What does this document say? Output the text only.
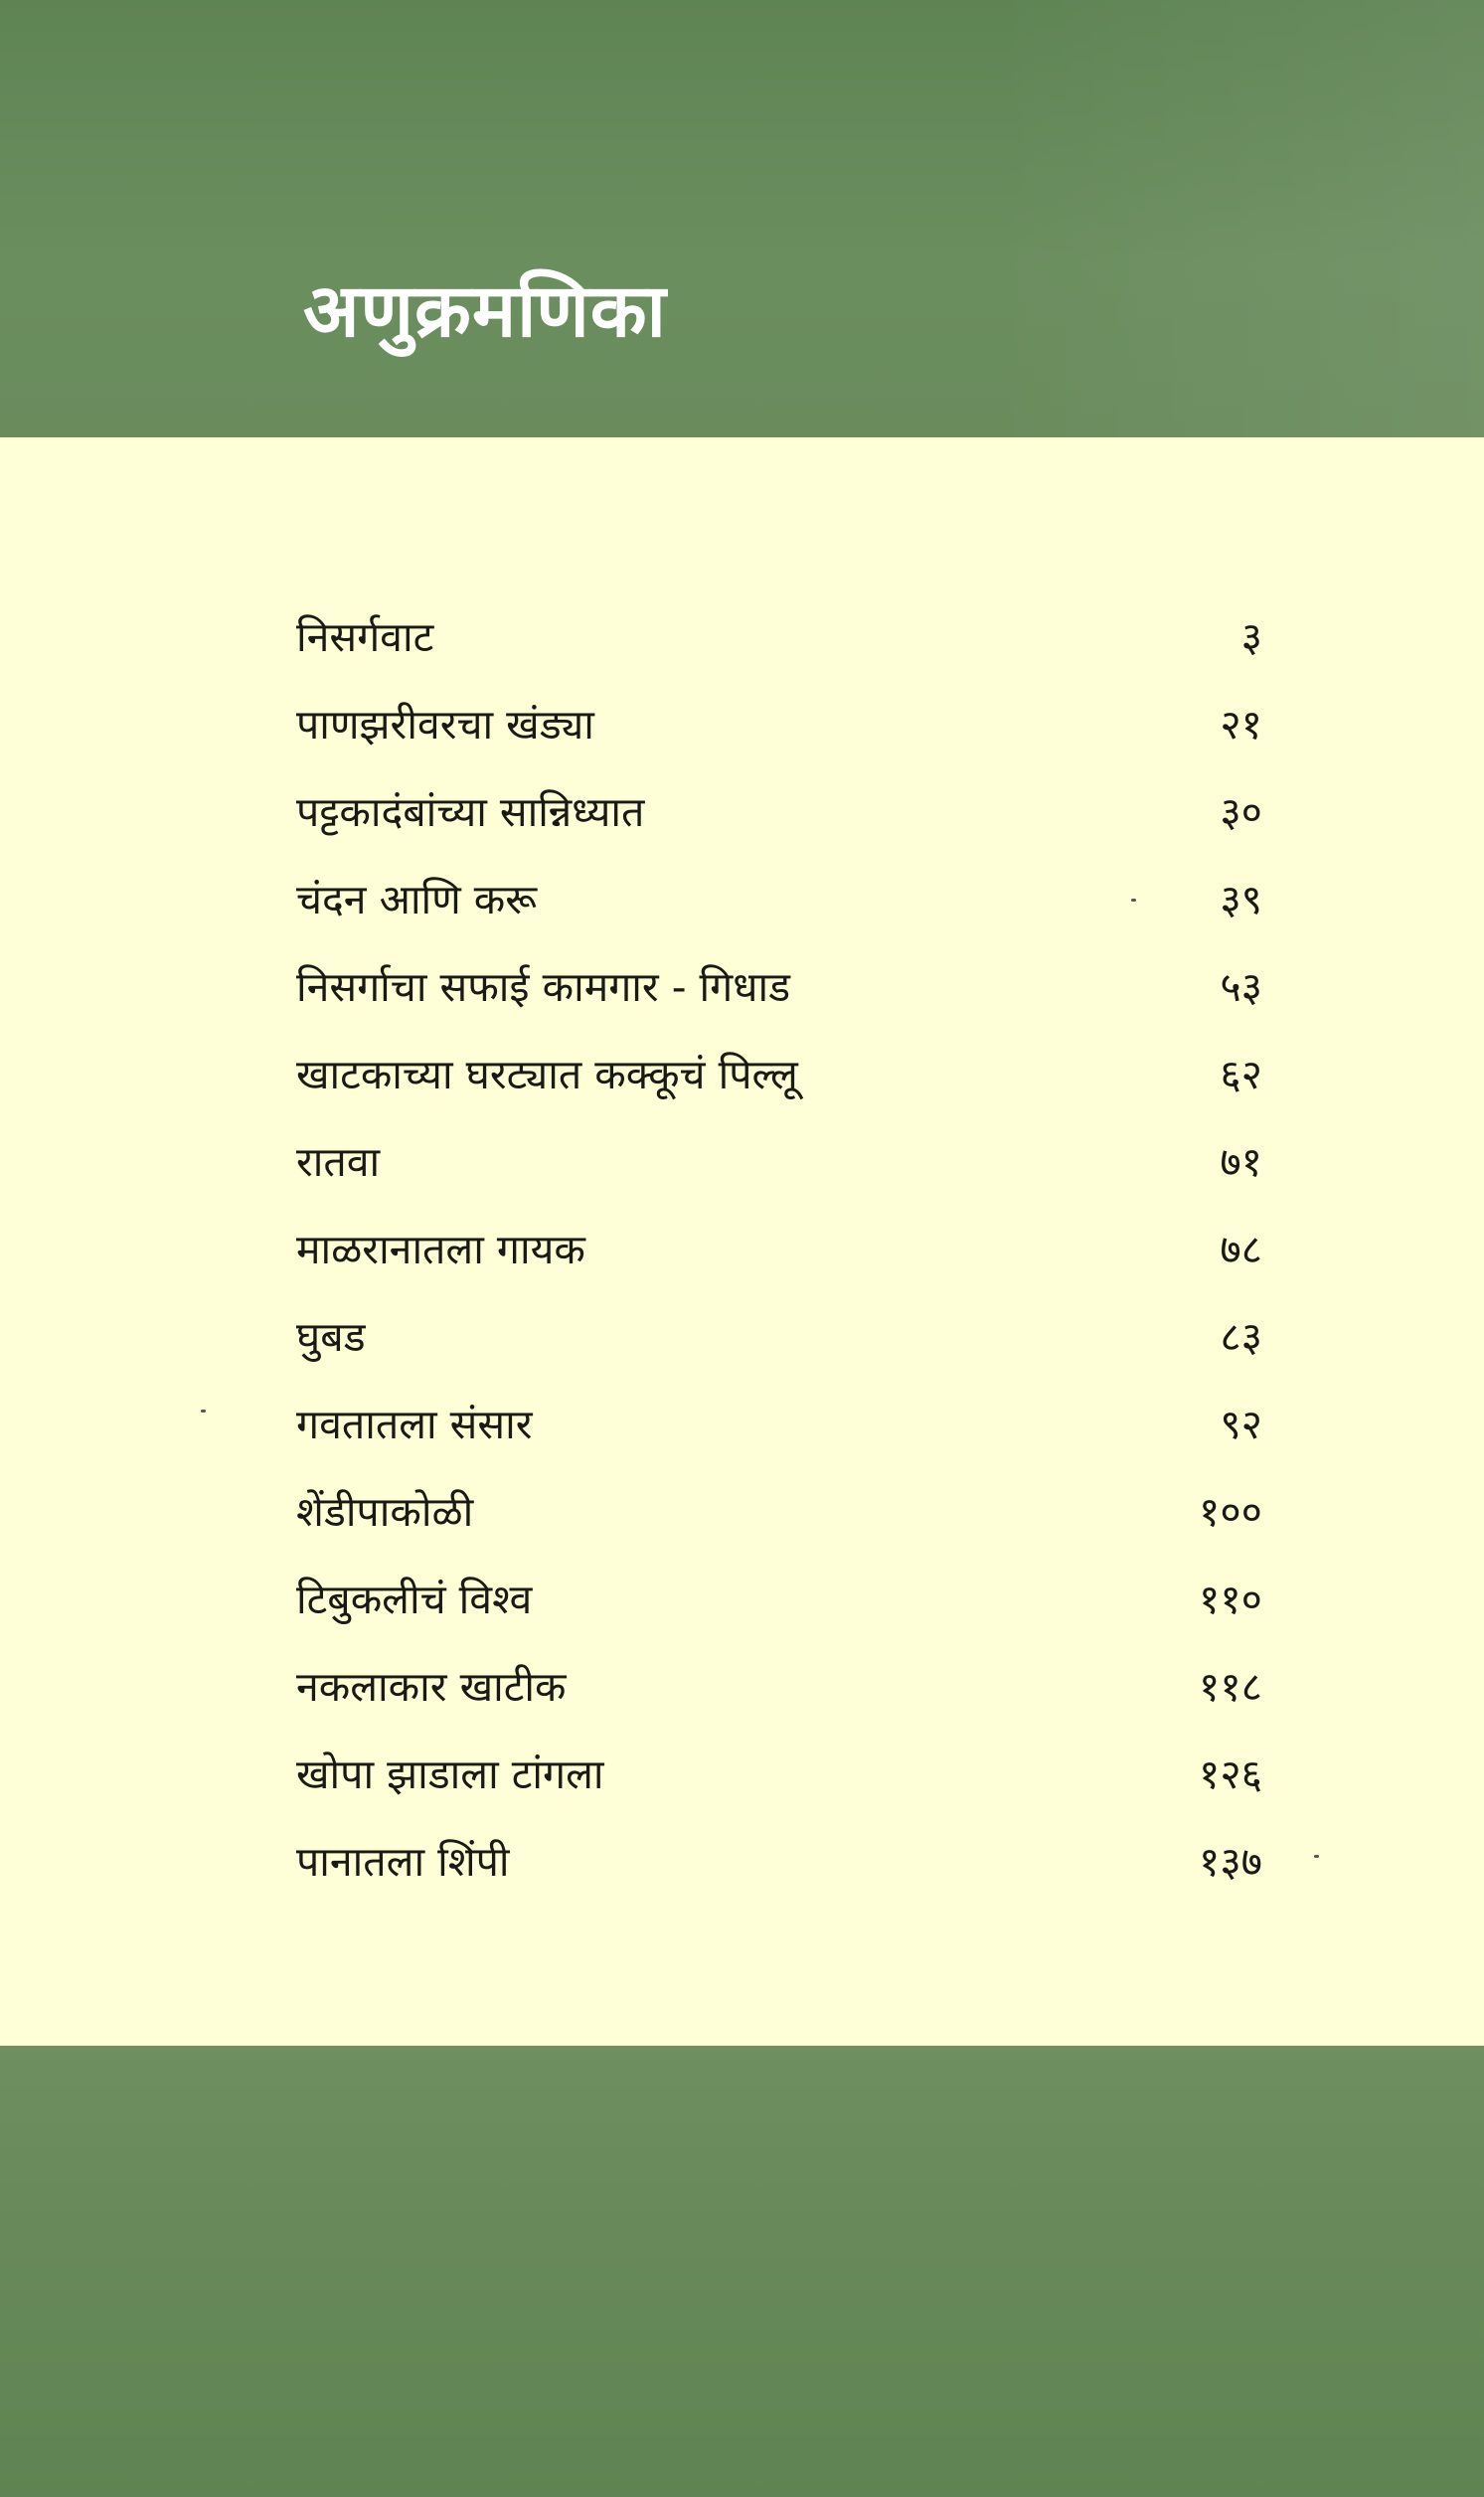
अणुक्रमणिका
निसर्गवाट	३
पाणझरीवरचा खंड्या	२१
पट्टकादंबांच्या सान्निध्यात	३०
चंदन आणि करू	३९
निसर्गाचा सफाई कामगार - गिधाड	५३
खाटकाच्या घरट्यात कक्कूचं पिल्लू	६२
रातवा	७१
माळरानातला गायक	७८
घुबड	८३
गवतातला संसार	९२
शेंडीपाकोळी	१००
टिबुकलीचं विश्व	११०
नकलाकार खाटीक	११८
खोपा झाडाला टांगला	१२६
पानातला शिंपी	१३७
